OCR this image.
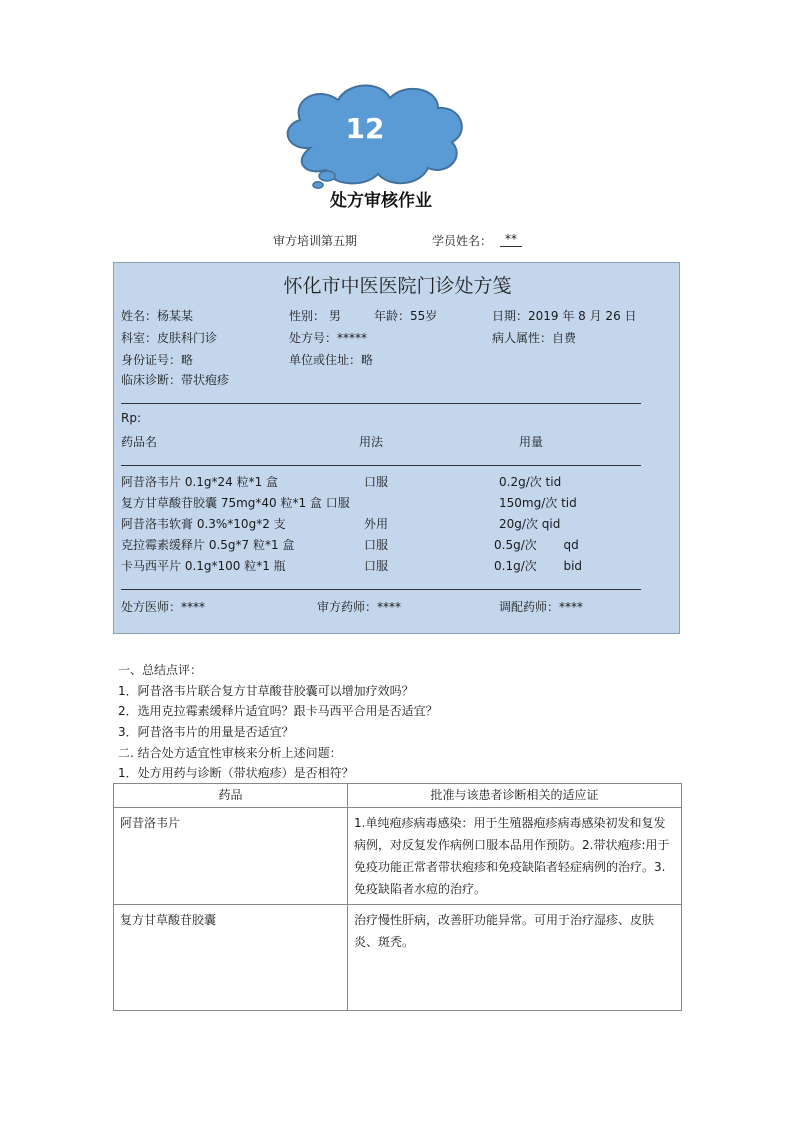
12
处方审核作业
审方培训第五期	学员姓名：	**
怀化市中医医院门诊处方笺
姓名：杨某某	性别： 男	年龄：55岁	日期：2019 年 8 月 26 日
科室：皮肤科门诊	处方号：*****	病人属性：自费
身份证号：略	单位或住址：略
临床诊断：带状疱疹
Rp:
药品名	用法	用量
阿昔洛韦片 0.1g*24 粒*1 盒	口服	0.2g/次 tid
复方甘草酸苷胶囊 75mg*40 粒*1 盒 口服	150mg/次 tid
阿昔洛韦软膏 0.3%*10g*2 支	外用	20g/次 qid
克拉霉素缓释片 0.5g*7 粒*1 盒	口服	0.5g/次       qd
卡马西平片 0.1g*100 粒*1 瓶	口服	0.1g/次       bid
处方医师：****	审方药师：****	调配药师：****
一、总结点评：
1．阿昔洛韦片联合复方甘草酸苷胶囊可以增加疗效吗？
2．选用克拉霉素缓释片适宜吗？跟卡马西平合用是否适宜？
3．阿昔洛韦片的用量是否适宜？
二. 结合处方适宜性审核来分析上述问题：
1．处方用药与诊断（带状疱疹）是否相符？
药品	批准与该患者诊断相关的适应证
阿昔洛韦片	1.单纯疱疹病毒感染：用于生殖器疱疹病毒感染初发和复发病例，对反复发作病例口服本品用作预防。2.带状疱疹:用于免疫功能正常者带状疱疹和免疫缺陷者轻症病例的治疗。3.免疫缺陷者水痘的治疗。
复方甘草酸苷胶囊	治疗慢性肝病，改善肝功能异常。可用于治疗湿疹、皮肤炎、斑秃。
